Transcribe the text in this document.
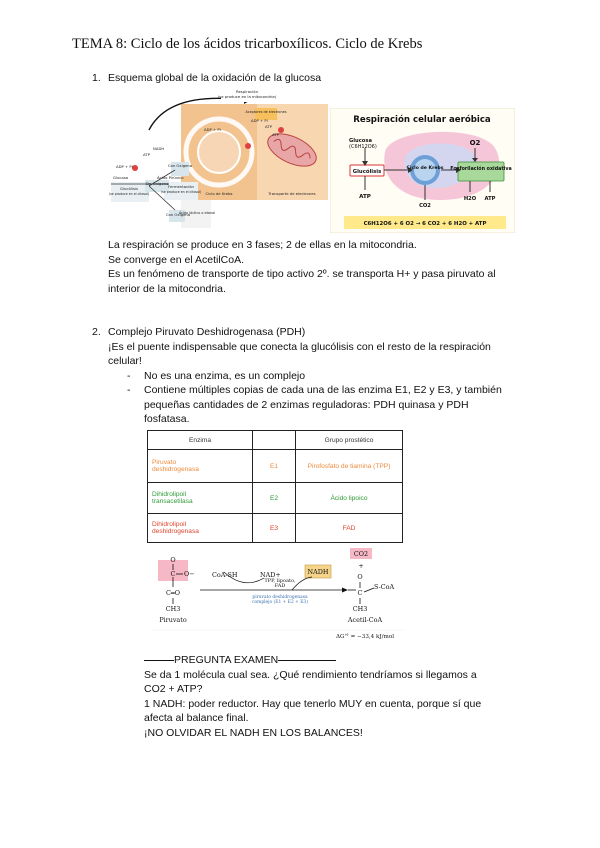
TEMA 8: Ciclo de los ácidos tricarboxílicos. Ciclo de Krebs
1. Esquema global de la oxidación de la glucosa
Respiración
(se produce en la mitocondria)
Aceptores de electrones
ADP + Pi
ATP
ATP
ADP + Pi
ADP + Pi
ATP
NADH
Con Oxígeno
Con Oxígeno
Sin Oxígeno
Glucosa	Ácido Pirúvico
Glucólisis
(se produce en el citosol)
Fermentación
(se produce en el citosol)
Ácido láctico o etanol
Ciclo de Krebs	Transporte de electrones
Respiración celular aeróbica
Glucosa
(C6H12O6)
Glucólisis
Ciclo de Krebs
O2
Fosforilación oxidativa
ATP
CO2
H2O ATP
C6H12O6 + 6 O2 → 6 CO2 + 6 H2O + ATP
La respiración se produce en 3 fases; 2 de ellas en la mitocondria.
Se converge en el AcetilCoA.
Es un fenómeno de transporte de tipo activo 2º. se transporta H+ y pasa piruvato al
interior de la mitocondria.
2. Complejo Piruvato Deshidrogenasa (PDH)
¡Es el puente indispensable que conecta la glucólisis con el resto de la respiración
celular!
- No es una enzima, es un complejo
- Contiene múltiples copias de cada una de las enzima E1, E2 y E3, y también
pequeñas cantidades de 2 enzimas reguladoras: PDH quinasa y PDH
fosfatasa.
Enzima		Grupo prostético

Piruvato
deshidrogenasa	E1	Pirofosfato de tiamina (TPP)

Dihidrolipoil
transacetilasa	E2	Ácido lipoico

Dihidrolipoil
deshidrogenasa	E3	FAD
O
C O−
C═O
CH3
Piruvato
CoA-SH	NAD+	NADH
TPP, lipoato,
FAD
piruvato deshidrogenasa
complejo (E1 + E2 + E3)
CO2
+
O
C
S-CoA
CH3
Acetil-CoA
ΔG'° = −33,4 kJ/mol
PREGUNTA EXAMEN
Se da 1 molécula cual sea. ¿Qué rendimiento tendríamos si llegamos a
CO2 + ATP?
1 NADH: poder reductor. Hay que tenerlo MUY en cuenta, porque sí que
afecta al balance final.
¡NO OLVIDAR EL NADH EN LOS BALANCES!
